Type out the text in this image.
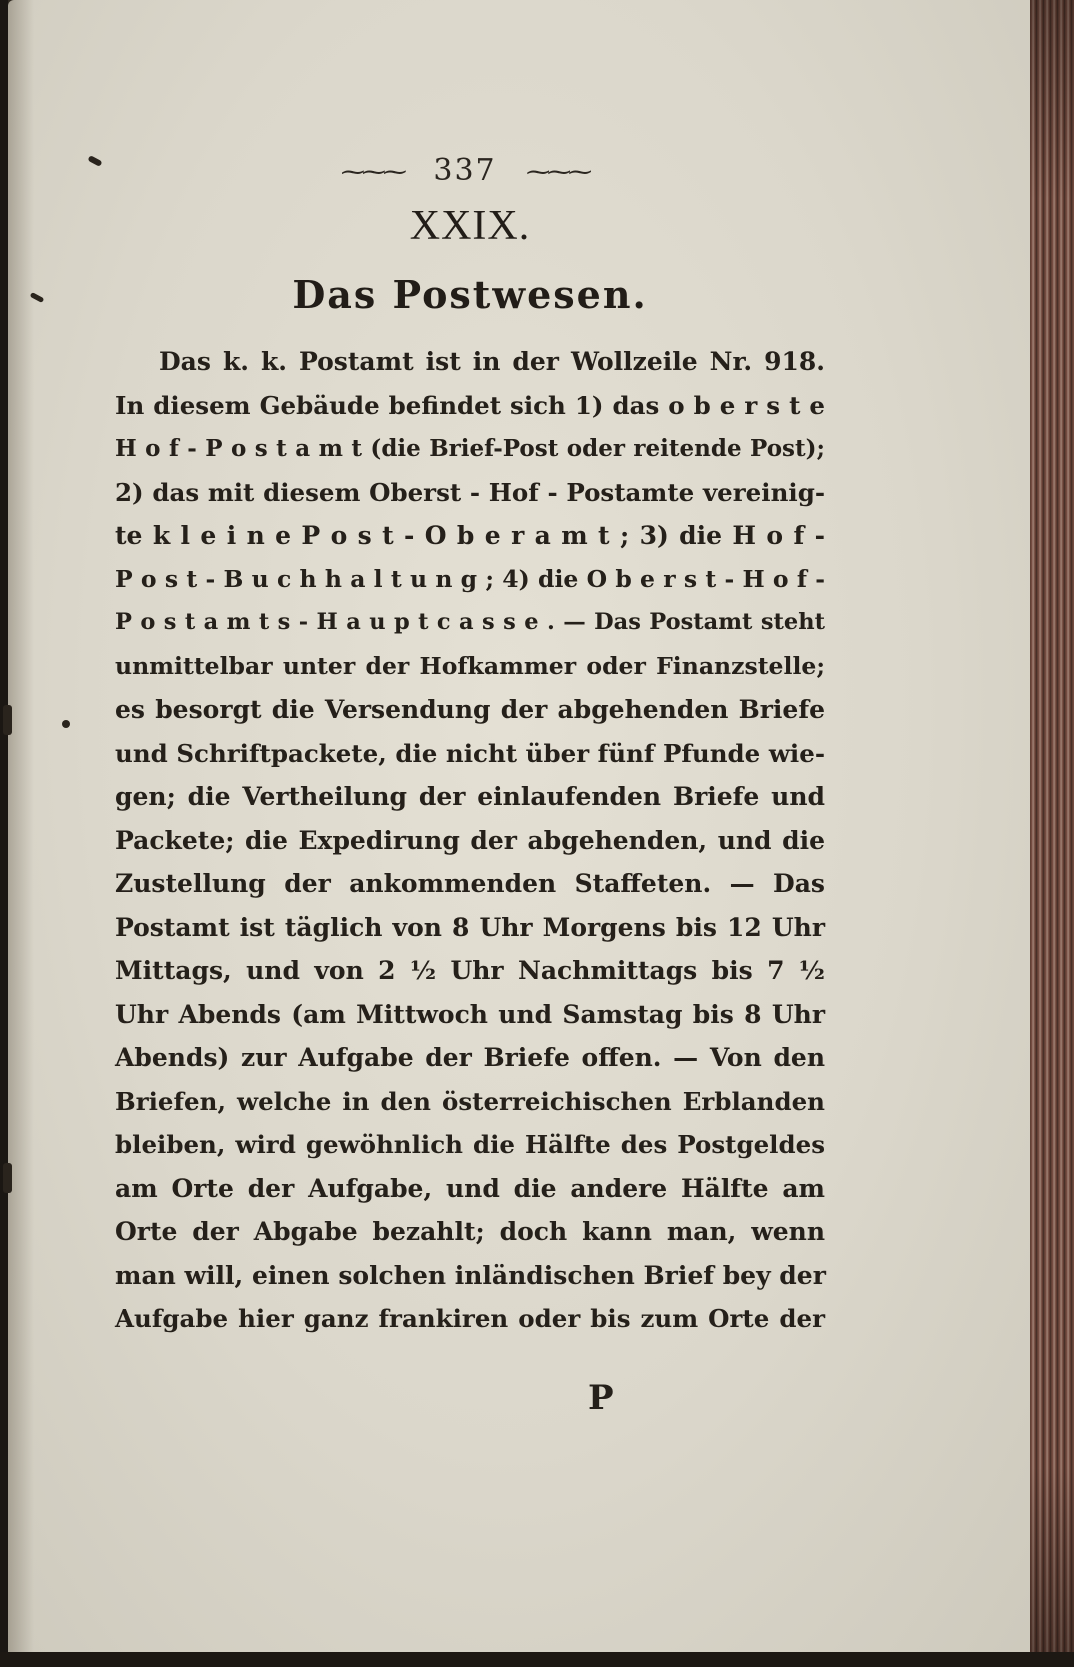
⁓⁓⁓ 337 ⁓⁓⁓
XXIX.
Das Postwesen.
Das k. k. Postamt ist in der Wollzeile Nr. 918.
In diesem Gebäude befindet sich 1) das o b e r s t e
H o f - P o s t a m t (die Brief-Post oder reitende Post);
2) das mit diesem Oberst - Hof - Postamte vereinig-
te k l e i n e P o s t - O b e r a m t ; 3) die H o f -
P o s t - B u c h h a l t u n g ; 4) die O b e r s t - H o f -
P o s t a m t s - H a u p t c a s s e . — Das Postamt steht
unmittelbar unter der Hofkammer oder Finanzstelle;
es besorgt die Versendung der abgehenden Briefe
und Schriftpackete, die nicht über fünf Pfunde wie-
gen; die Vertheilung der einlaufenden Briefe und
Packete; die Expedirung der abgehenden, und die
Zustellung der ankommenden Staffeten. — Das
Postamt ist täglich von 8 Uhr Morgens bis 12 Uhr
Mittags, und von 2 ½ Uhr Nachmittags bis 7 ½
Uhr Abends (am Mittwoch und Samstag bis 8 Uhr
Abends) zur Aufgabe der Briefe offen. — Von den
Briefen, welche in den österreichischen Erblanden
bleiben, wird gewöhnlich die Hälfte des Postgeldes
am Orte der Aufgabe, und die andere Hälfte am
Orte der Abgabe bezahlt; doch kann man, wenn
man will, einen solchen inländischen Brief bey der
Aufgabe hier ganz frankiren oder bis zum Orte der
P
